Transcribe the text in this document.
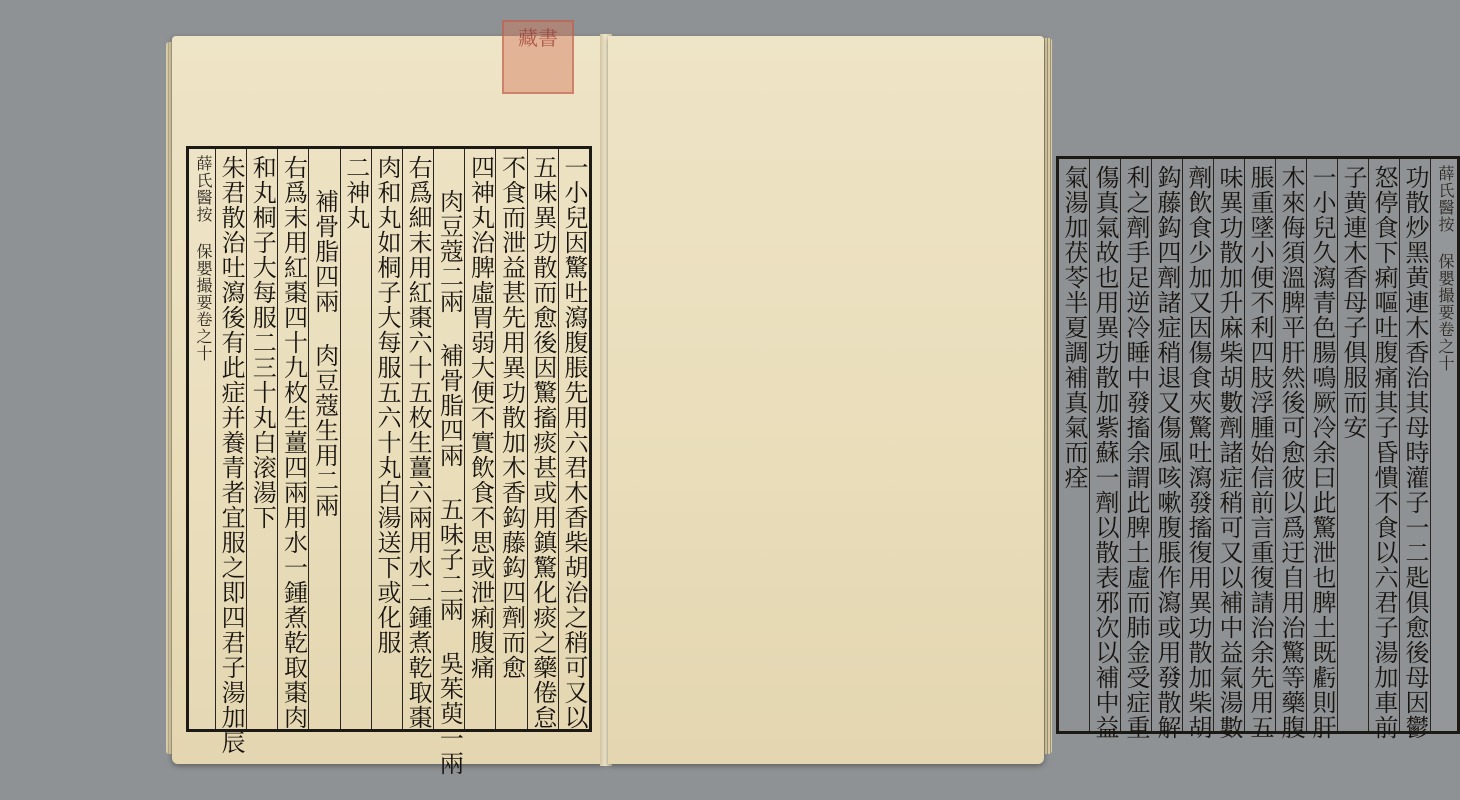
一小兒因驚吐瀉腹脹先用六君木香柴胡治之稍可又以
五味異功散而愈後因驚搐痰甚或用鎮驚化痰之藥倦怠
不食而泄益甚先用異功散加木香鈎藤鈎四劑而愈
四神丸治脾虛胃弱大便不實飲食不思或泄痢腹痛
肉豆蔻二兩 補骨脂四兩 五味子二兩 吳茱萸一兩
右爲細末用紅棗六十五枚生薑六兩用水二鍾煮乾取棗
肉和丸如桐子大每服五六十丸白湯送下或化服
二神丸
補骨脂四兩 肉豆蔻生用二兩
右爲末用紅棗四十九枚生薑四兩用水一鍾煮乾取棗肉
和丸桐子大每服二三十丸白滚湯下
朱君散治吐瀉後有此症并養青者宜服之即四君子湯加辰
薛氏醫按 保嬰撮要卷之十	薛氏醫按 保嬰撮要卷之十
功散炒黑黄連木香治其母時灌子一二匙俱愈後母因鬱
怒停食下痢嘔吐腹痛其子昏憒不食以六君子湯加車前
子黄連木香母子俱服而安
一小兒久瀉青色腸鳴厥冷余曰此驚泄也脾土既虧則肝
木來侮須溫脾平肝然後可愈彼以爲迂自用治驚等藥腹
脹重墜小便不利四肢浮腫始信前言重復請治余先用五
味異功散加升麻柴胡數劑諸症稍可又以補中益氣湯數
劑飲食少加又因傷食夾驚吐瀉發搐復用異功散加柴胡
鈎藤鈎四劑諸症稍退又傷風咳嗽腹脹作瀉或用發散解
利之劑手足逆冷睡中發搐余謂此脾土虛而肺金受症重
傷真氣故也用異功散加紫蘇一劑以散表邪次以補中益
氣湯加茯苓半夏調補真氣而痊
藏書
